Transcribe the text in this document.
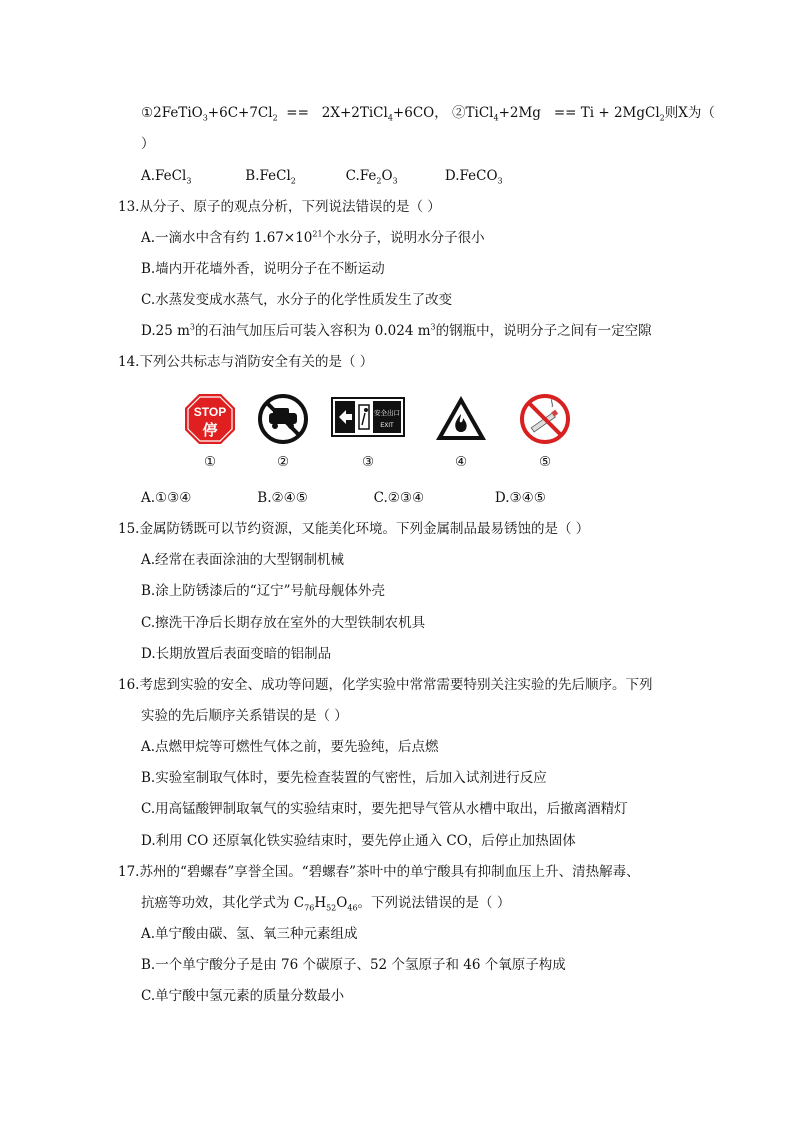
$①2FeTiO_3+6C+7Cl_2$  ==   2X+2TiCl$_4$+6CO， ②TiCl$_4$+2Mg   == Ti + 2MgCl$_2$则X为（
）
A.FeCl$_3$	B.FeCl$_2$	$C.Fe_2O_3$	D.FeCO$_3$
13.从分子、原子的观点分析，下列说法错误的是（ ）
A.一滴水中含有约 $1.67\times 10^{21}$个水分子，说明水分子很小
B.墙内开花墙外香，说明分子在不断运动
C.水蒸发变成水蒸气，水分子的化学性质发生了改变
D.25 $m^3$的石油气加压后可装入容积为 0.024 $m^3$的钢瓶中，说明分子之间有一定空隙
14.下列公共标志与消防安全有关的是（ ）
STOP
停
安全出口
EXIT
①	②	③	④	⑤
A.①③④	B.②④⑤	C.②③④	D.③④⑤
15.金属防锈既可以节约资源，又能美化环境。下列金属制品最易锈蚀的是（ ）
A.经常在表面涂油的大型钢制机械
B.涂上防锈漆后的“辽宁”号航母舰体外壳
C.擦洗干净后长期存放在室外的大型铁制农机具
D.长期放置后表面变暗的铝制品
16.考虑到实验的安全、成功等问题，化学实验中常常需要特别关注实验的先后顺序。下列
实验的先后顺序关系错误的是（ ）
A.点燃甲烷等可燃性气体之前，要先验纯，后点燃
B.实验室制取气体时，要先检查装置的气密性，后加入试剂进行反应
C.用高锰酸钾制取氧气的实验结束时，要先把导气管从水槽中取出，后撤离酒精灯
D.利用 CO 还原氧化铁实验结束时，要先停止通入 CO，后停止加热固体
17.苏州的“碧螺春”享誉全国。“碧螺春”茶叶中的单宁酸具有抑制血压上升、清热解毒、
抗癌等功效，其化学式为 $C_{76}H_{52}O_{46}$。下列说法错误的是（ ）
A.单宁酸由碳、氢、氧三种元素组成
B.一个单宁酸分子是由 76 个碳原子、52 个氢原子和 46 个氧原子构成
C.单宁酸中氢元素的质量分数最小
